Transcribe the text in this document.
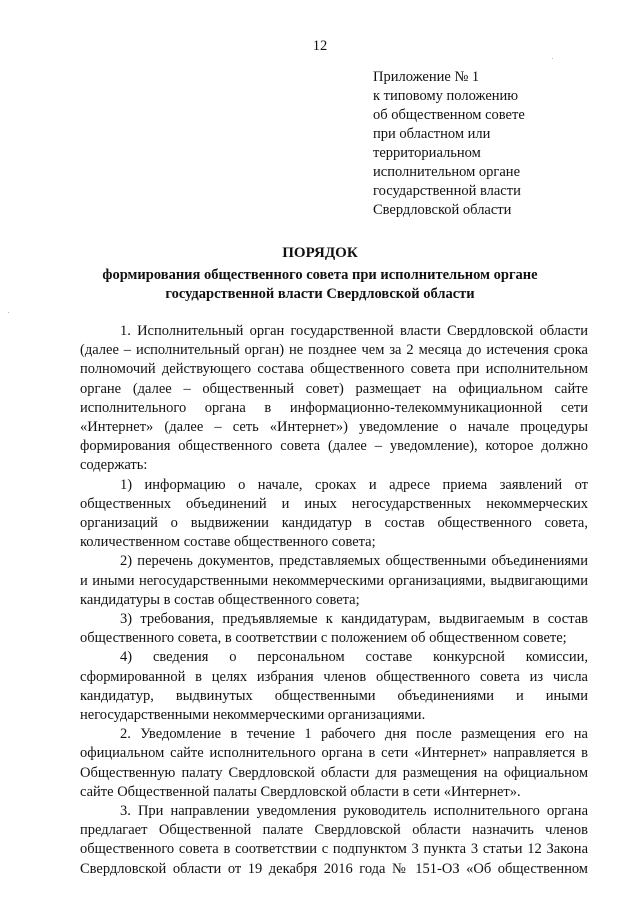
12
Приложение № 1
к типовому положению
об общественном совете
при областном или
территориальном
исполнительном органе
государственной власти
Свердловской области
ПОРЯДОК
формирования общественного совета при исполнительном органе
государственной власти Свердловской области
1. Исполнительный орган государственной власти Свердловской области
(далее – исполнительный орган) не позднее чем за 2 месяца до истечения срока
полномочий действующего состава общественного совета при исполнительном
органе (далее – общественный совет) размещает на официальном сайте
исполнительного органа в информационно-телекоммуникационной сети
«Интернет» (далее – сеть «Интернет») уведомление о начале процедуры
формирования общественного совета (далее – уведомление), которое должно
содержать:
1) информацию о начале, сроках и адресе приема заявлений от
общественных объединений и иных негосударственных некоммерческих
организаций о выдвижении кандидатур в состав общественного совета,
количественном составе общественного совета;
2) перечень документов, представляемых общественными объединениями
и иными негосударственными некоммерческими организациями, выдвигающими
кандидатуры в состав общественного совета;
3) требования, предъявляемые к кандидатурам, выдвигаемым в состав
общественного совета, в соответствии с положением об общественном совете;
4) сведения о персональном составе конкурсной комиссии,
сформированной в целях избрания членов общественного совета из числа
кандидатур, выдвинутых общественными объединениями и иными
негосударственными некоммерческими организациями.
2. Уведомление в течение 1 рабочего дня после размещения его на
официальном сайте исполнительного органа в сети «Интернет» направляется в
Общественную палату Свердловской области для размещения на официальном
сайте Общественной палаты Свердловской области в сети «Интернет».
3. При направлении уведомления руководитель исполнительного органа
предлагает Общественной палате Свердловской области назначить членов
общественного совета в соответствии с подпунктом 3 пункта 3 статьи 12 Закона
Свердловской области от 19 декабря 2016 года № 151-ОЗ «Об общественном
